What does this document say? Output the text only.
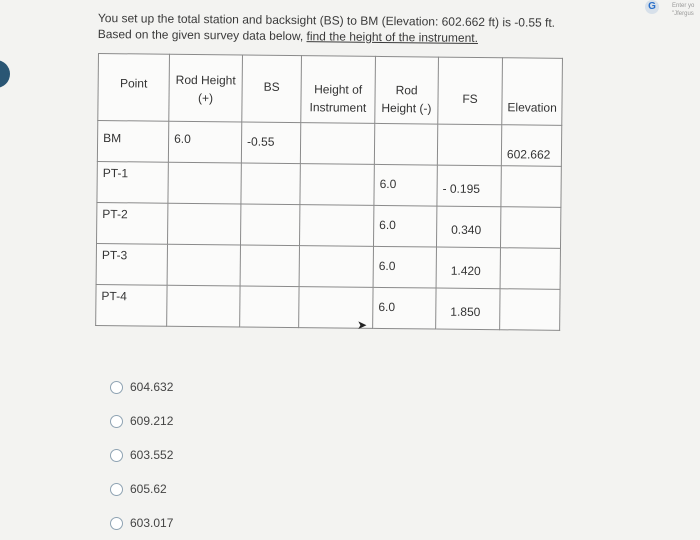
G	Enter yo
"Jfergus
You set up the total station and backsight (BS) to BM (Elevation: 602.662 ft) is -0.55 ft.
Based on the given survey data below, find the height of the instrument.
Point	Rod Height (+)	BS	Height of Instrument	Rod Height (-)	FS	Elevation

BM	6.0	-0.55				602.662

PT-1				6.0	- 0.195	

PT-2				6.0	0.340	

PT-3				6.0	1.420	

PT-4				6.0	1.850	

➤
604.632
609.212
603.552
605.62
603.017
